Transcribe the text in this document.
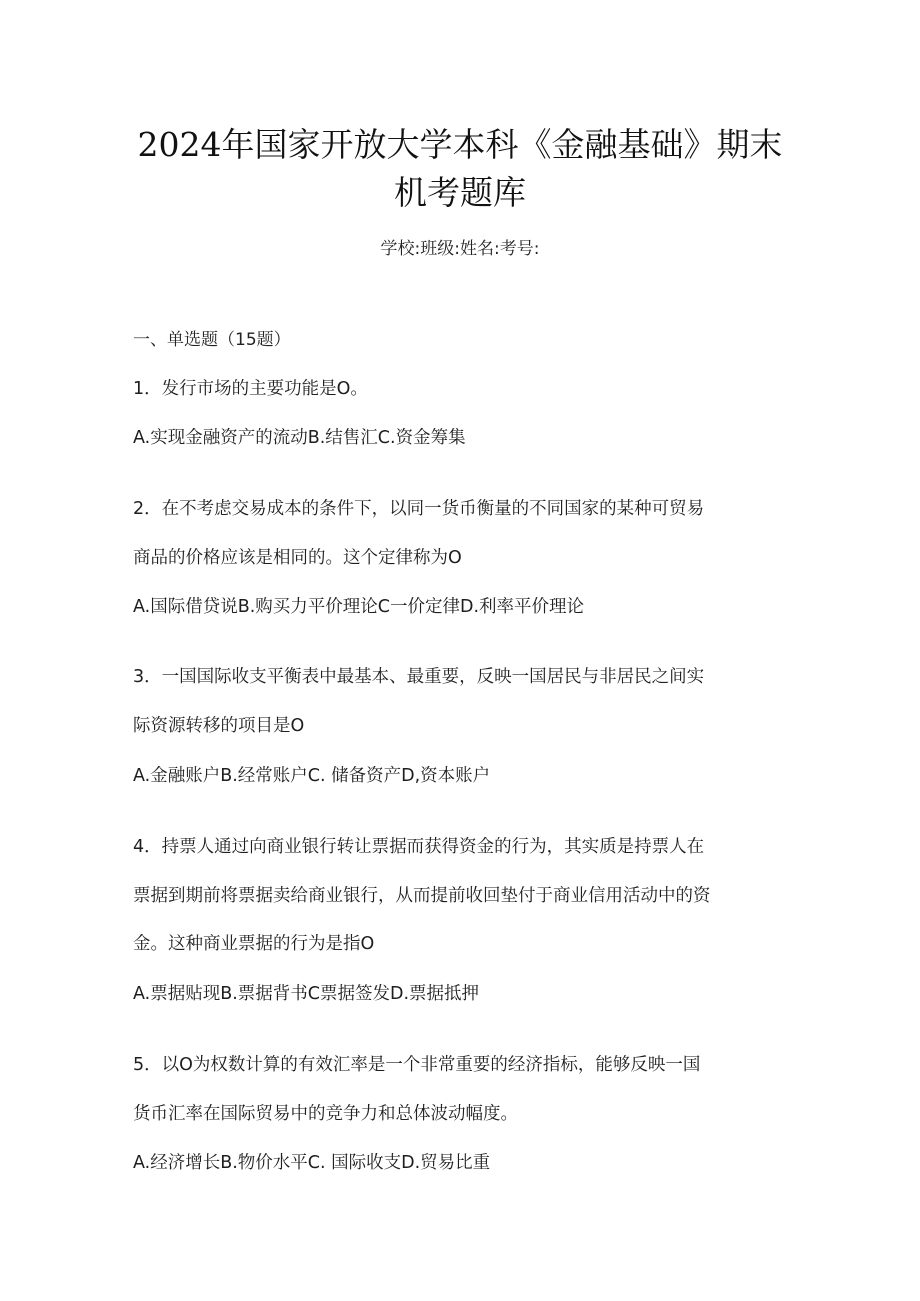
2024年国家开放大学本科《金融基础》期末
机考题库
学校:班级:姓名:考号:
一、单选题（15题）
1．发行市场的主要功能是O。
A.实现金融资产的流动B.结售汇C.资金筹集
2．在不考虑交易成本的条件下，以同一货币衡量的不同国家的某种可贸易
商品的价格应该是相同的。这个定律称为O
A.国际借贷说B.购买力平价理论C一价定律D.利率平价理论
3．一国国际收支平衡表中最基本、最重要，反映一国居民与非居民之间实
际资源转移的项目是O
A.金融账户B.经常账户C. 储备资产D,资本账户
4．持票人通过向商业银行转让票据而获得资金的行为，其实质是持票人在
票据到期前将票据卖给商业银行，从而提前收回垫付于商业信用活动中的资
金。这种商业票据的行为是指O
A.票据贴现B.票据背书C票据签发D.票据抵押
5．以O为权数计算的有效汇率是一个非常重要的经济指标，能够反映一国
货币汇率在国际贸易中的竞争力和总体波动幅度。
A.经济增长B.物价水平C. 国际收支D.贸易比重
